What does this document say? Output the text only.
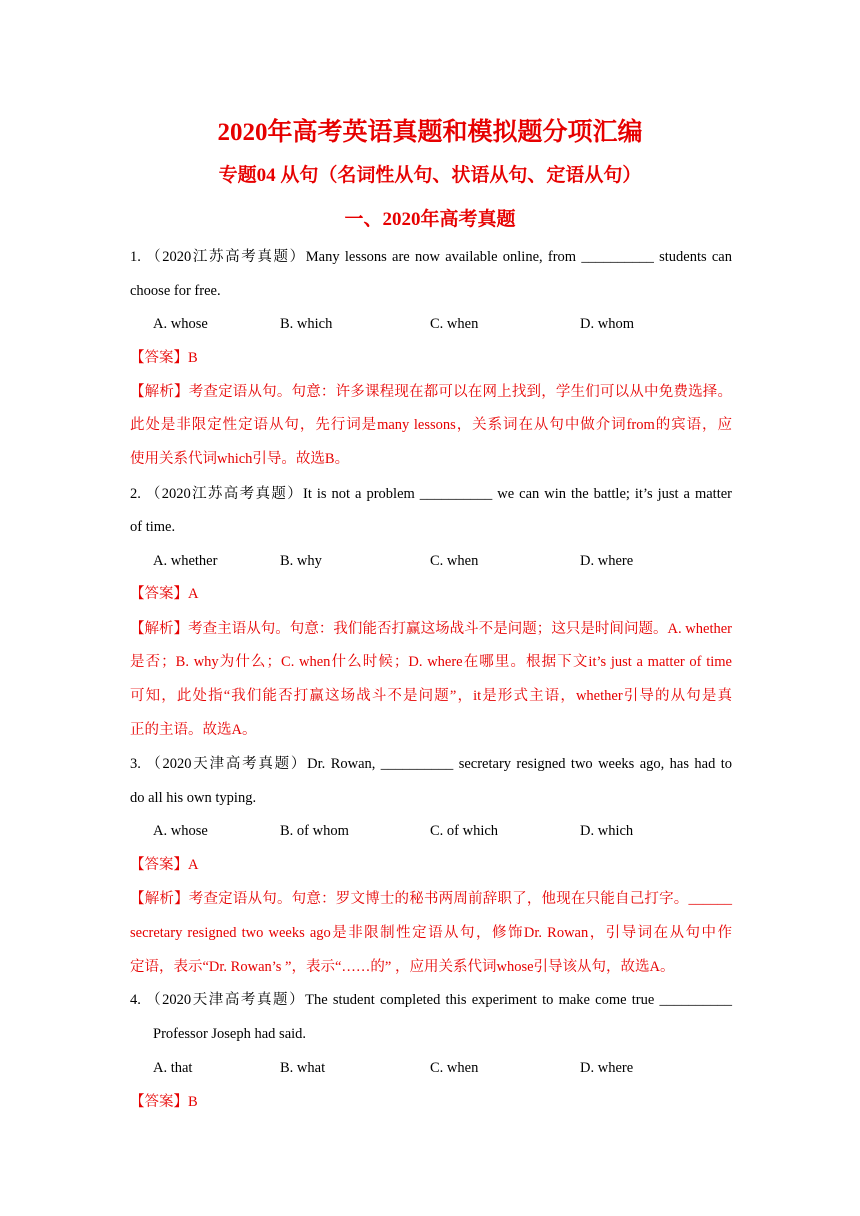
2020年高考英语真题和模拟题分项汇编
专题04 从句（名词性从句、状语从句、定语从句）
一、2020年高考真题
1. （2020江苏高考真题）Many lessons are now available online, from __________ students can
choose for free.
A. whose	B. which	C. when	D. whom
【答案】B
【解析】考查定语从句。句意：许多课程现在都可以在网上找到，学生们可以从中免费选择。
此处是非限定性定语从句，先行词是many lessons，关系词在从句中做介词from的宾语，应
使用关系代词which引导。故选B。
2. （2020江苏高考真题）It is not a problem __________ we can win the battle; it’s just a matter
of time.
A. whether	B. why	C. when	D. where
【答案】A
【解析】考查主语从句。句意：我们能否打赢这场战斗不是问题；这只是时间问题。A. whether
是否；B. why为什么；C. when什么时候；D. where在哪里。根据下文it’s just a matter of time
可知，此处指“我们能否打赢这场战斗不是问题”，it是形式主语，whether引导的从句是真
正的主语。故选A。
3. （2020天津高考真题）Dr. Rowan, __________ secretary resigned two weeks ago, has had to
do all his own typing.
A. whose	B. of whom	C. of which	D. which
【答案】A
【解析】考查定语从句。句意：罗文博士的秘书两周前辞职了，他现在只能自己打字。______
secretary resigned two weeks ago是非限制性定语从句，修饰Dr. Rowan，引导词在从句中作
定语，表示“Dr. Rowan’s ”，表示“……的” ，应用关系代词whose引导该从句，故选A。
4. （2020天津高考真题）The student completed this experiment to make come true __________
Professor Joseph had said.
A. that	B. what	C. when	D. where
【答案】B
